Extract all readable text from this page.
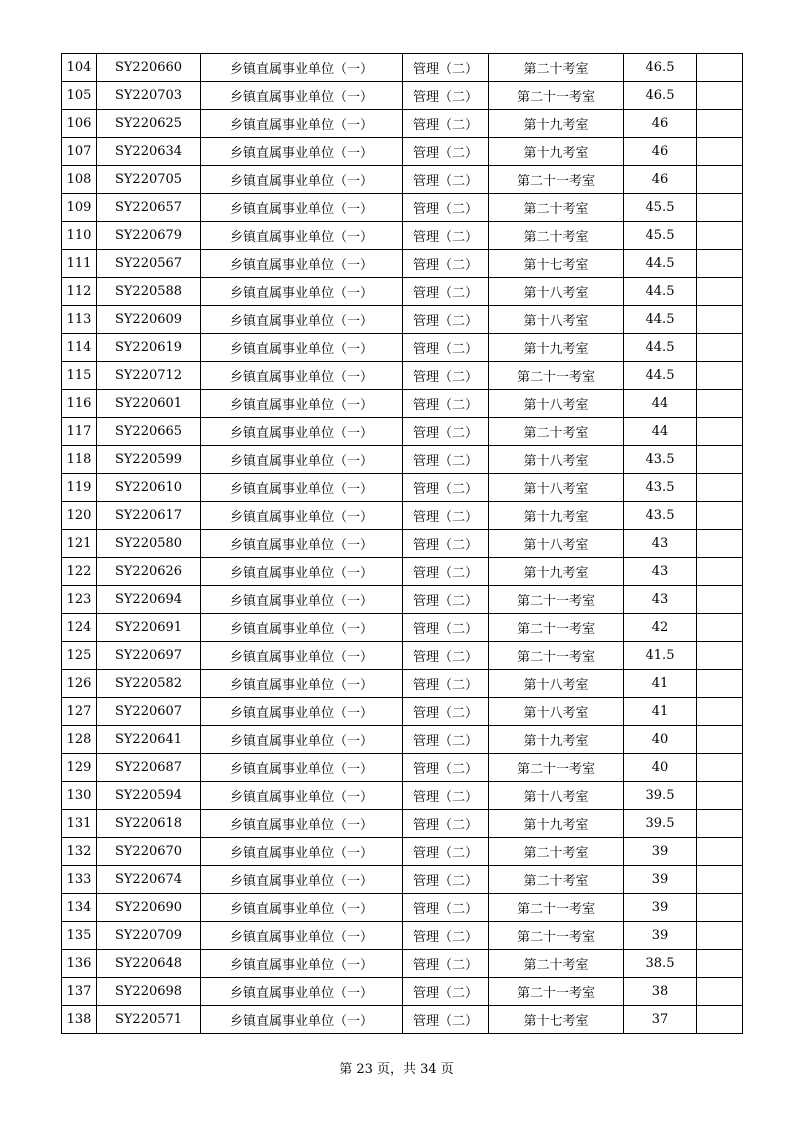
104	SY220660	乡镇直属事业单位（一）	管理（二）	第二十考室	46.5	
105	SY220703	乡镇直属事业单位（一）	管理（二）	第二十一考室	46.5	
106	SY220625	乡镇直属事业单位（一）	管理（二）	第十九考室	46	
107	SY220634	乡镇直属事业单位（一）	管理（二）	第十九考室	46	
108	SY220705	乡镇直属事业单位（一）	管理（二）	第二十一考室	46	
109	SY220657	乡镇直属事业单位（一）	管理（二）	第二十考室	45.5	
110	SY220679	乡镇直属事业单位（一）	管理（二）	第二十考室	45.5	
111	SY220567	乡镇直属事业单位（一）	管理（二）	第十七考室	44.5	
112	SY220588	乡镇直属事业单位（一）	管理（二）	第十八考室	44.5	
113	SY220609	乡镇直属事业单位（一）	管理（二）	第十八考室	44.5	
114	SY220619	乡镇直属事业单位（一）	管理（二）	第十九考室	44.5	
115	SY220712	乡镇直属事业单位（一）	管理（二）	第二十一考室	44.5	
116	SY220601	乡镇直属事业单位（一）	管理（二）	第十八考室	44	
117	SY220665	乡镇直属事业单位（一）	管理（二）	第二十考室	44	
118	SY220599	乡镇直属事业单位（一）	管理（二）	第十八考室	43.5	
119	SY220610	乡镇直属事业单位（一）	管理（二）	第十八考室	43.5	
120	SY220617	乡镇直属事业单位（一）	管理（二）	第十九考室	43.5	
121	SY220580	乡镇直属事业单位（一）	管理（二）	第十八考室	43	
122	SY220626	乡镇直属事业单位（一）	管理（二）	第十九考室	43	
123	SY220694	乡镇直属事业单位（一）	管理（二）	第二十一考室	43	
124	SY220691	乡镇直属事业单位（一）	管理（二）	第二十一考室	42	
125	SY220697	乡镇直属事业单位（一）	管理（二）	第二十一考室	41.5	
126	SY220582	乡镇直属事业单位（一）	管理（二）	第十八考室	41	
127	SY220607	乡镇直属事业单位（一）	管理（二）	第十八考室	41	
128	SY220641	乡镇直属事业单位（一）	管理（二）	第十九考室	40	
129	SY220687	乡镇直属事业单位（一）	管理（二）	第二十一考室	40	
130	SY220594	乡镇直属事业单位（一）	管理（二）	第十八考室	39.5	
131	SY220618	乡镇直属事业单位（一）	管理（二）	第十九考室	39.5	
132	SY220670	乡镇直属事业单位（一）	管理（二）	第二十考室	39	
133	SY220674	乡镇直属事业单位（一）	管理（二）	第二十考室	39	
134	SY220690	乡镇直属事业单位（一）	管理（二）	第二十一考室	39	
135	SY220709	乡镇直属事业单位（一）	管理（二）	第二十一考室	39	
136	SY220648	乡镇直属事业单位（一）	管理（二）	第二十考室	38.5	
137	SY220698	乡镇直属事业单位（一）	管理（二）	第二十一考室	38	
138	SY220571	乡镇直属事业单位（一）	管理（二）	第十七考室	37	
第 23 页，共 34 页
